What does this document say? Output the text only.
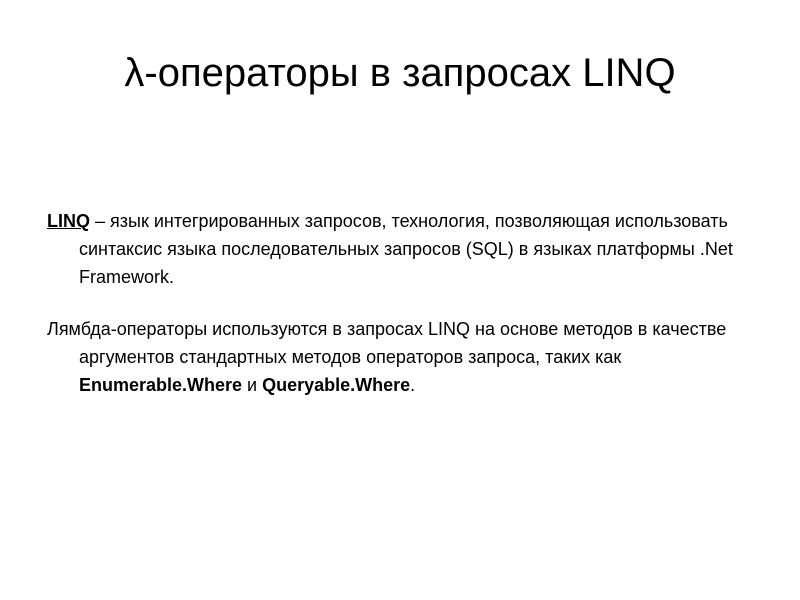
λ-операторы в запросах LINQ

LINQ – язык интегрированных запросов, технология, позволяющая использовать синтаксис языка последовательных запросов (SQL) в языках платформы .Net Framework.

Лямбда-операторы используются в запросах LINQ на основе методов в качестве аргументов стандартных методов операторов запроса, таких как Enumerable.Where и Queryable.Where.
